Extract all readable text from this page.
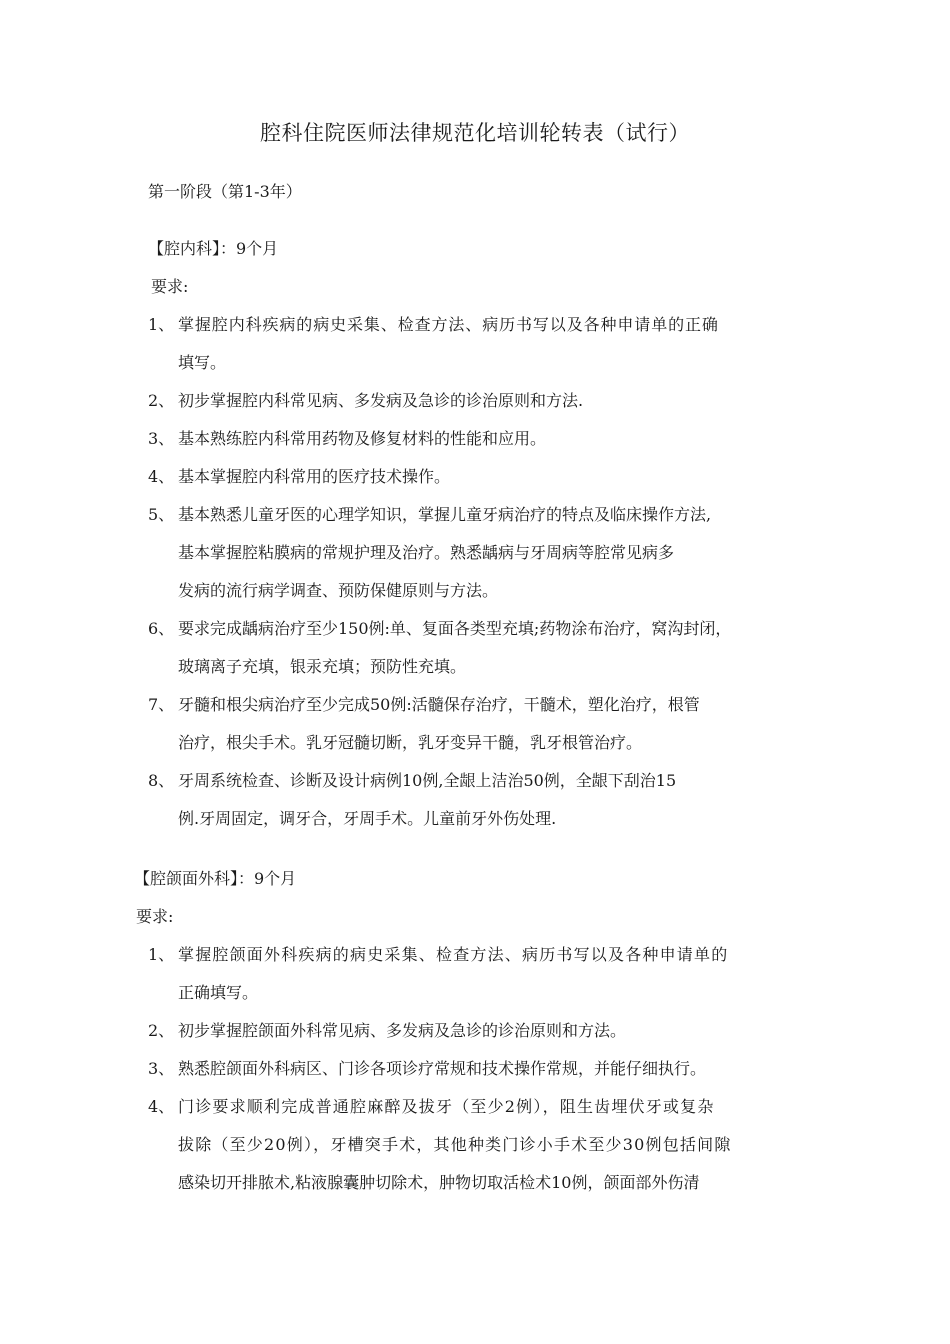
腔科住院医师法律规范化培训轮转表（试行）
第一阶段（第1-3年）
【腔内科】：9个月
要求:
1、 掌握腔内科疾病的病史采集、检查方法、病历书写以及各种申请单的正确
填写。
2、 初步掌握腔内科常见病、多发病及急诊的诊治原则和方法.
3、 基本熟练腔内科常用药物及修复材料的性能和应用。
4、 基本掌握腔内科常用的医疗技术操作。
5、 基本熟悉儿童牙医的心理学知识，掌握儿童牙病治疗的特点及临床操作方法,
基本掌握腔粘膜病的常规护理及治疗。熟悉龋病与牙周病等腔常见病多
发病的流行病学调查、预防保健原则与方法。
6、 要求完成龋病治疗至少150例:单、复面各类型充填;药物涂布治疗，窝沟封闭，
玻璃离子充填，银汞充填；预防性充填。
7、 牙髓和根尖病治疗至少完成50例:活髓保存治疗，干髓术，塑化治疗，根管
治疗，根尖手术。乳牙冠髓切断，乳牙变异干髓，乳牙根管治疗。
8、 牙周系统检查、诊断及设计病例10例,全龈上洁治50例，全龈下刮治15
例.牙周固定，调牙合，牙周手术。儿童前牙外伤处理.
【腔颌面外科】：9个月
要求:
1、 掌握腔颌面外科疾病的病史采集、检查方法、病历书写以及各种申请单的
正确填写。
2、 初步掌握腔颌面外科常见病、多发病及急诊的诊治原则和方法。
3、 熟悉腔颌面外科病区、门诊各项诊疗常规和技术操作常规，并能仔细执行。
4、 门诊要求顺利完成普通腔麻醉及拔牙（至少2例），阻生齿埋伏牙或复杂
拔除（至少20例），牙槽突手术，其他种类门诊小手术至少30例包括间隙
感染切开排脓术,粘液腺囊肿切除术，肿物切取活检术10例，颌面部外伤清
